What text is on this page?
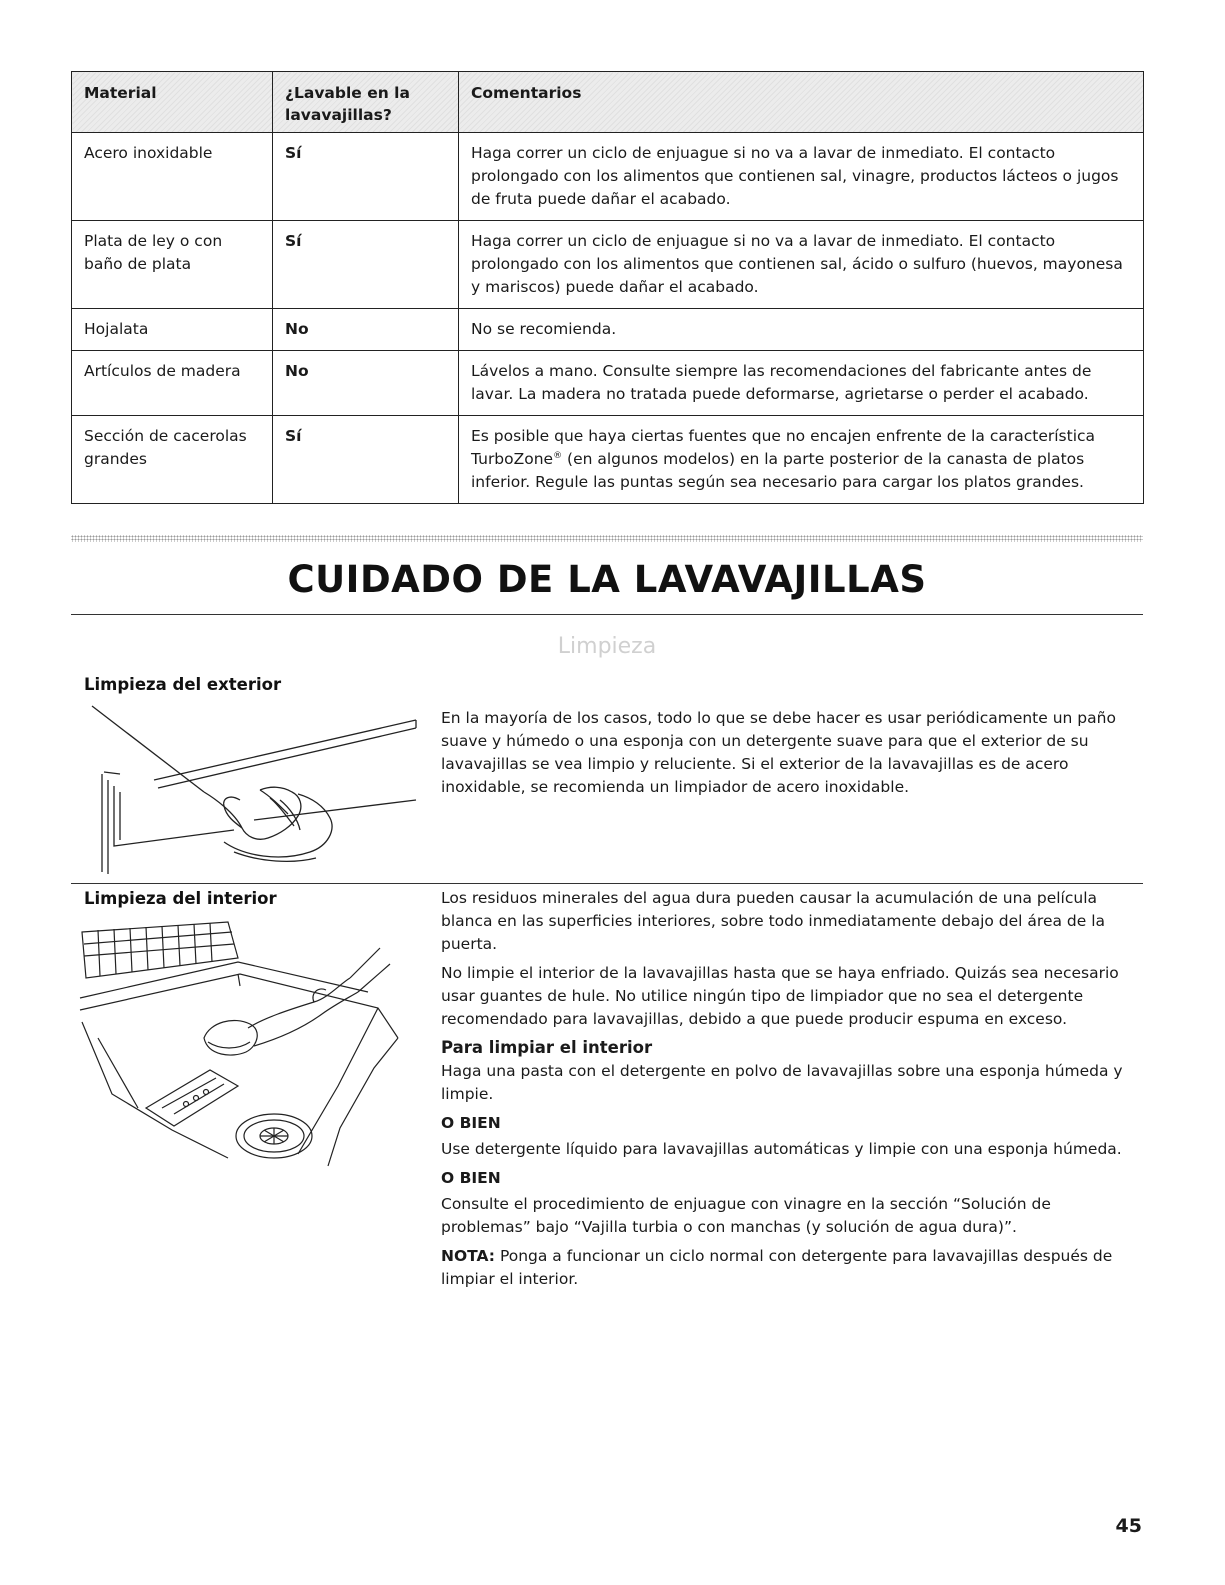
Material	¿Lavable en la lavavajillas?	Comentarios
Acero inoxidable	Sí	Haga correr un ciclo de enjuague si no va a lavar de inmediato. El contacto prolongado con los alimentos que contienen sal, vinagre, productos lácteos o jugos de fruta puede dañar el acabado.
Plata de ley o con baño de plata	Sí	Haga correr un ciclo de enjuague si no va a lavar de inmediato. El contacto prolongado con los alimentos que contienen sal, ácido o sulfuro (huevos, mayonesa y mariscos) puede dañar el acabado.
Hojalata	No	No se recomienda.
Artículos de madera	No	Lávelos a mano. Consulte siempre las recomendaciones del fabricante antes de lavar. La madera no tratada puede deformarse, agrietarse o perder el acabado.
Sección de cacerolas grandes	Sí	Es posible que haya ciertas fuentes que no encajen enfrente de la característica TurboZone® (en algunos modelos) en la parte posterior de la canasta de platos inferior. Regule las puntas según sea necesario para cargar los platos grandes.
CUIDADO DE LA LAVAVAJILLAS
Limpieza
Limpieza del exterior

En la mayoría de los casos, todo lo que se debe hacer es usar periódicamente un paño suave y húmedo o una esponja con un detergente suave para que el exterior de su lavavajillas se vea limpio y reluciente. Si el exterior de la lavavajillas es de acero inoxidable, se recomienda un limpiador de acero inoxidable.

Limpieza del interior	Los residuos minerales del agua dura pueden causar la acumulación de una película blanca en las superficies interiores, sobre todo inmediatamente debajo del área de la puerta.

No limpie el interior de la lavavajillas hasta que se haya enfriado. Quizás sea necesario usar guantes de hule. No utilice ningún tipo de limpiador que no sea el detergente recomendado para lavavajillas, debido a que puede producir espuma en exceso.

Para limpiar el interior

Haga una pasta con el detergente en polvo de lavavajillas sobre una esponja húmeda y limpie.

O BIEN

Use detergente líquido para lavavajillas automáticas y limpie con una esponja húmeda.

O BIEN

Consulte el procedimiento de enjuague con vinagre en la sección “Solución de problemas” bajo “Vajilla turbia o con manchas (y solución de agua dura)”.

NOTA: Ponga a funcionar un ciclo normal con detergente para lavavajillas después de limpiar el interior.

45
